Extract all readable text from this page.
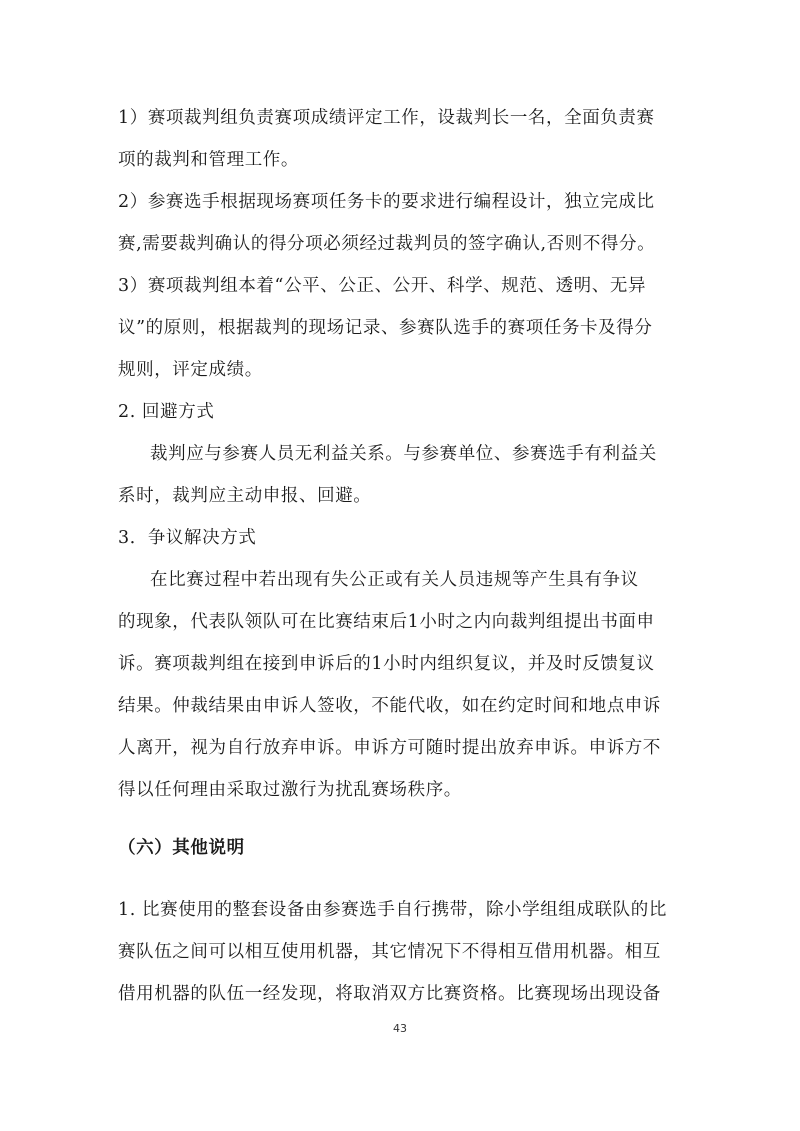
1）赛项裁判组负责赛项成绩评定工作，设裁判长一名，全面负责赛
项的裁判和管理工作。
2）参赛选手根据现场赛项任务卡的要求进行编程设计，独立完成比
赛,需要裁判确认的得分项必须经过裁判员的签字确认,否则不得分。
3）赛项裁判组本着“公平、公正、公开、科学、规范、透明、无异
议”的原则，根据裁判的现场记录、参赛队选手的赛项任务卡及得分
规则，评定成绩。
2. 回避方式
裁判应与参赛人员无利益关系。与参赛单位、参赛选手有利益关
系时，裁判应主动申报、回避。
3．争议解决方式
在比赛过程中若出现有失公正或有关人员违规等产生具有争议
的现象，代表队领队可在比赛结束后1小时之内向裁判组提出书面申
诉。赛项裁判组在接到申诉后的1小时内组织复议，并及时反馈复议
结果。仲裁结果由申诉人签收，不能代收，如在约定时间和地点申诉
人离开，视为自行放弃申诉。申诉方可随时提出放弃申诉。申诉方不
得以任何理由采取过激行为扰乱赛场秩序。
（六）其他说明
1. 比赛使用的整套设备由参赛选手自行携带，除小学组组成联队的比
赛队伍之间可以相互使用机器，其它情况下不得相互借用机器。相互
借用机器的队伍一经发现，将取消双方比赛资格。比赛现场出现设备
43
